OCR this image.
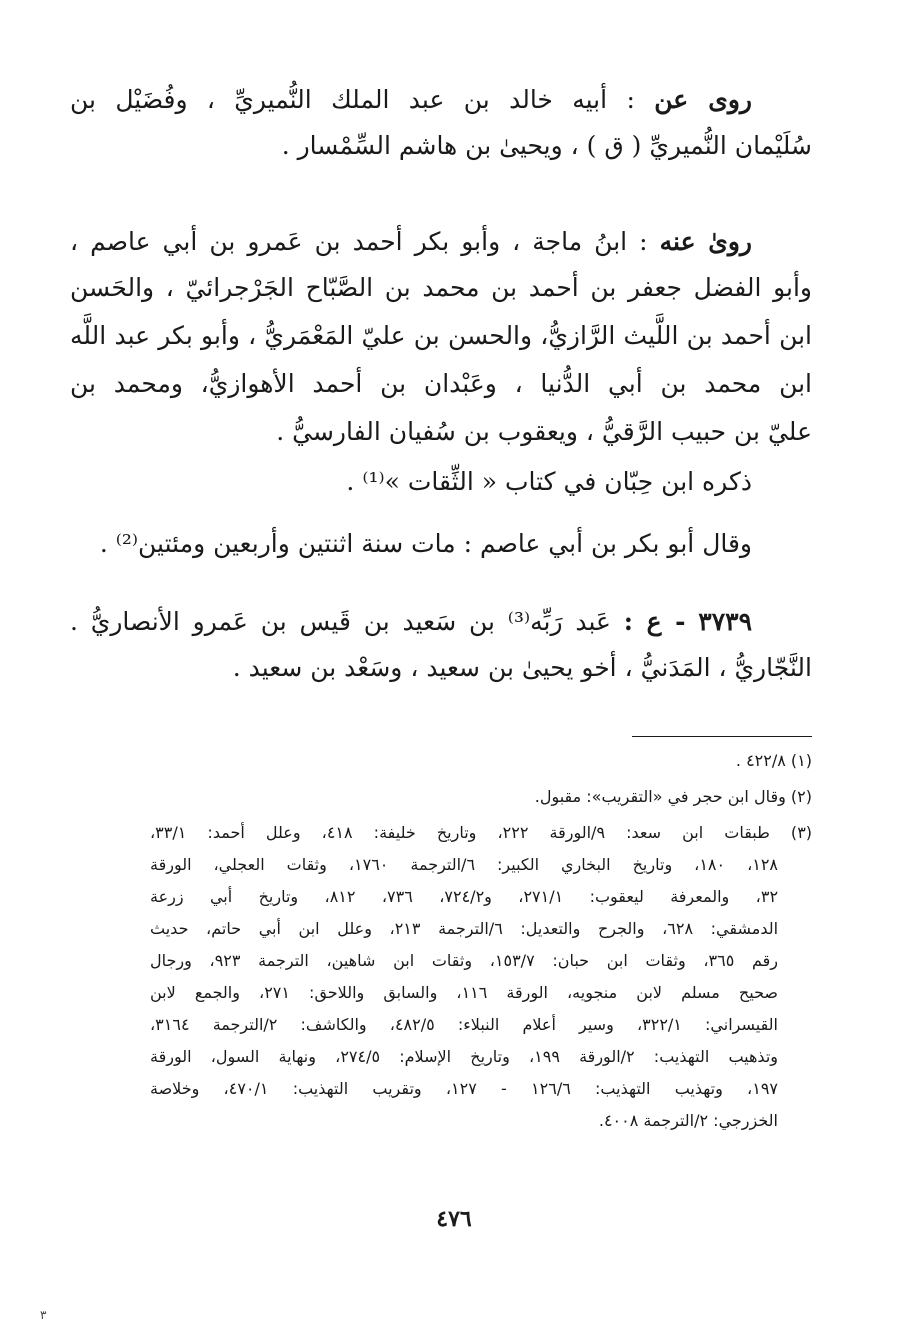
روى عن : أبيه خالد بن عبد الملك النُّميريِّ ، وفُضَيْل بن
سُلَيْمان النُّميريِّ ( ق ) ، ويحيىٰ بن هاشم السِّمْسار .
روىٰ عنه : ابنُ ماجة ، وأبو بكر أحمد بن عَمرو بن أبي عاصم ،
وأبو الفضل جعفر بن أحمد بن محمد بن الصَّبّاح الجَرْجرائيّ ، والحَسن
ابن أحمد بن اللَّيث الرَّازيُّ، والحسن بن عليّ المَعْمَريُّ ، وأبو بكر عبد اللَّه
ابن محمد بن أبي الدُّنيا ، وعَبْدان بن أحمد الأهوازيُّ، ومحمد بن
عليّ بن حبيب الرَّقيُّ ، ويعقوب بن سُفيان الفارسيُّ .
ذكره ابن حِبّان في كتاب « الثِّقات »⁽¹⁾ .
وقال أبو بكر بن أبي عاصم : مات سنة اثنتين وأربعين ومئتين⁽²⁾ .
٣٧٣٩ - ع : عَبد رَبِّه⁽³⁾ بن سَعيد بن قَيس بن عَمرو الأنصاريُّ .
النَّجّاريُّ ، المَدَنيُّ ، أخو يحيىٰ بن سعيد ، وسَعْد بن سعيد .
(١) ٤٢٢/٨ .
(٢) وقال ابن حجر في «التقريب»: مقبول.
(٣) طبقات ابن سعد: ٩/الورقة ٢٢٢، وتاريخ خليفة: ٤١٨، وعلل أحمد: ٣٣/١،
١٢٨، ١٨٠، وتاريخ البخاري الكبير: ٦/الترجمة ١٧٦٠، وثقات العجلي، الورقة
٣٢، والمعرفة ليعقوب: ٢٧١/١، و٧٢٤/٢، ٧٣٦، ٨١٢، وتاريخ أبي زرعة
الدمشقي: ٦٢٨، والجرح والتعديل: ٦/الترجمة ٢١٣، وعلل ابن أبي حاتم، حديث
رقم ٣٦٥، وثقات ابن حبان: ١٥٣/٧، وثقات ابن شاهين، الترجمة ٩٢٣، ورجال
صحيح مسلم لابن منجويه، الورقة ١١٦، والسابق واللاحق: ٢٧١، والجمع لابن
القيسراني: ٣٢٢/١، وسير أعلام النبلاء: ٤٨٢/٥، والكاشف: ٢/الترجمة ٣١٦٤،
وتذهيب التهذيب: ٢/الورقة ١٩٩، وتاريخ الإسلام: ٢٧٤/٥، ونهاية السول، الورقة
١٩٧، وتهذيب التهذيب: ١٢٦/٦ - ١٢٧، وتقريب التهذيب: ٤٧٠/١، وخلاصة
الخزرجي: ٢/الترجمة ٤٠٠٨.
٤٧٦
٣
